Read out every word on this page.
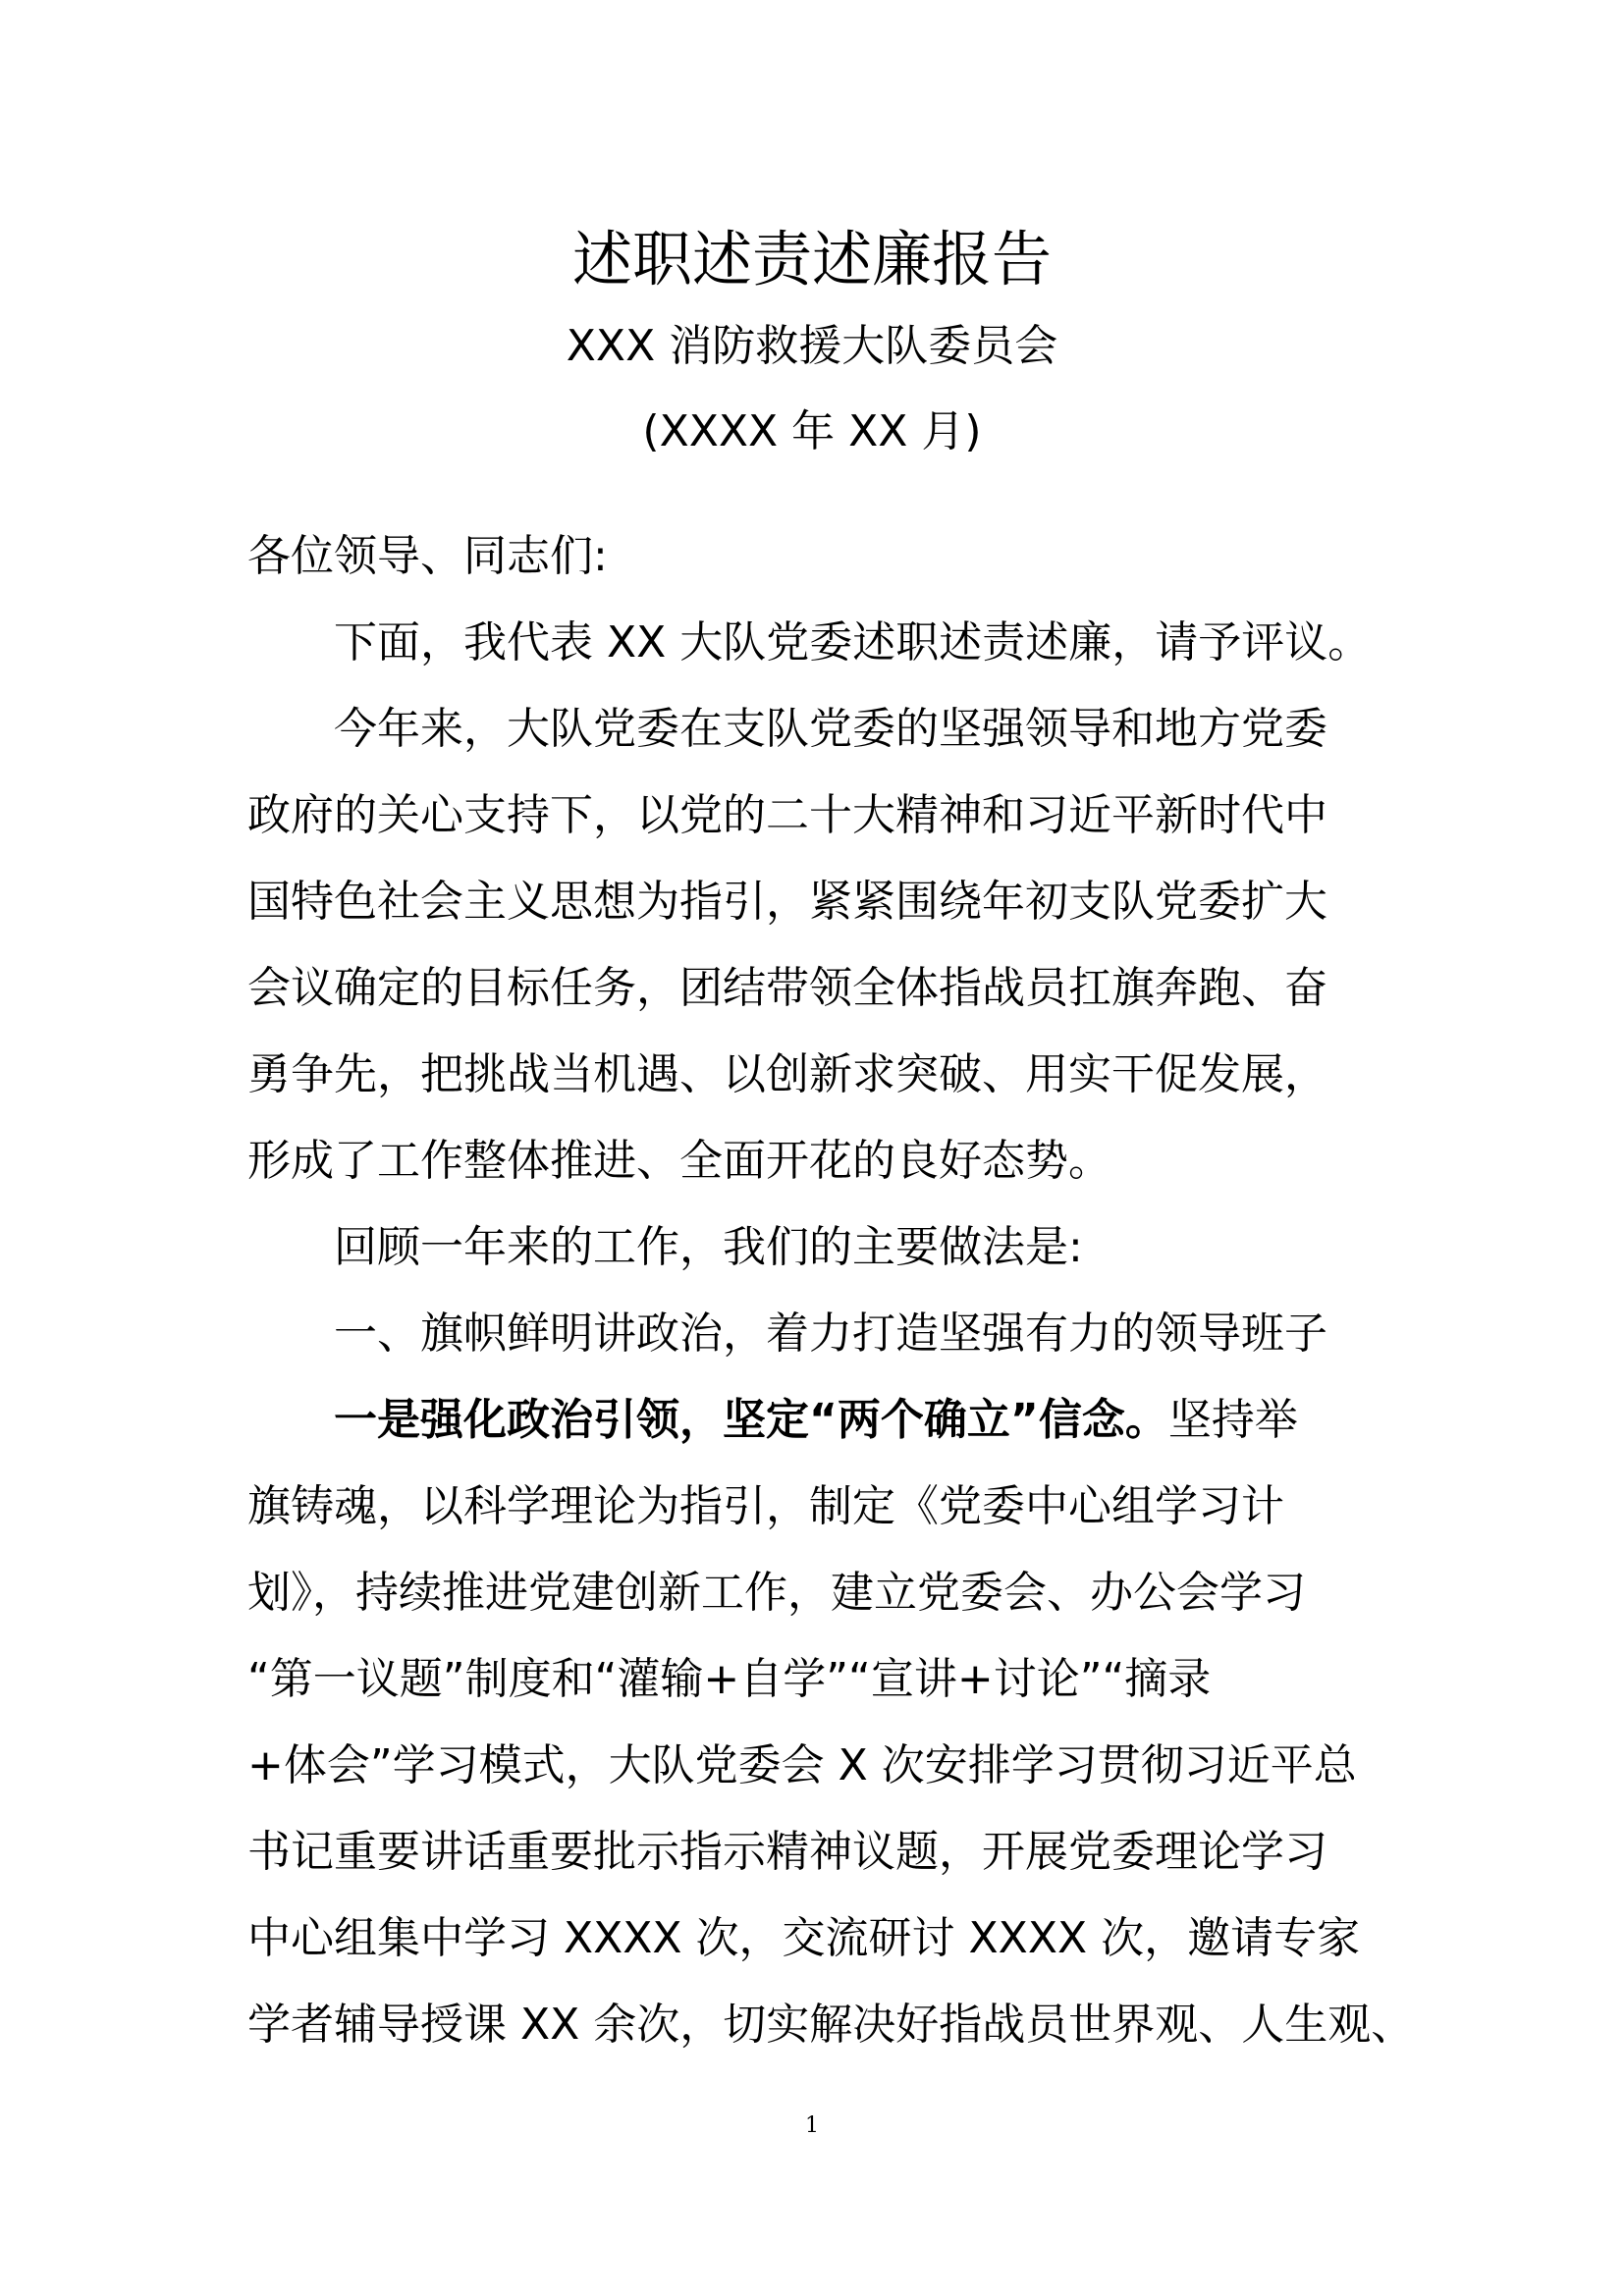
述职述责述廉报告
XXX 消防救援大队委员会
(XXXX 年 XX 月)

各位领导、同志们:

下面，我代表 XX 大队党委述职述责述廉，请予评议。

今年来，大队党委在支队党委的坚强领导和地方党委

政府的关心支持下，以党的二十大精神和习近平新时代中

国特色社会主义思想为指引，紧紧围绕年初支队党委扩大

会议确定的目标任务，团结带领全体指战员扛旗奔跑、奋

勇争先，把挑战当机遇、以创新求突破、用实干促发展，

形成了工作整体推进、全面开花的良好态势。

回顾一年来的工作，我们的主要做法是:

一、旗帜鲜明讲政治，着力打造坚强有力的领导班子

一是强化政治引领，坚定“两个确立”信念。坚持举

旗铸魂，以科学理论为指引，制定《党委中心组学习计

划》，持续推进党建创新工作，建立党委会、办公会学习

“第一议题”制度和“灌输+自学”“宣讲+讨论”“摘录

+体会”学习模式，大队党委会 X 次安排学习贯彻习近平总

书记重要讲话重要批示指示精神议题，开展党委理论学习

中心组集中学习 XXXX 次，交流研讨 XXXX 次，邀请专家

学者辅导授课 XX 余次，切实解决好指战员世界观、人生观、

1
